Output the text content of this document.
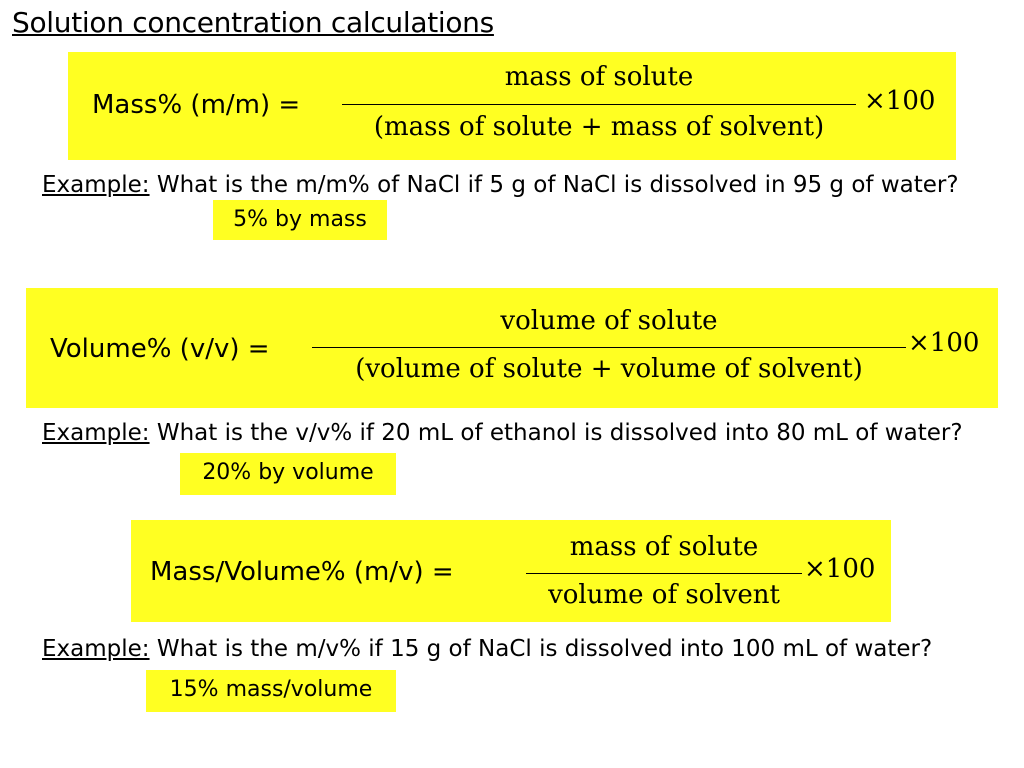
Solution concentration calculations
Mass% (m/m) =
mass of solute
(mass of solute + mass of solvent)
×100
Example: What is the m/m% of NaCl if 5 g of NaCl is dissolved in 95 g of water?
5% by mass
Volume% (v/v) =
volume of solute
(volume of solute + volume of solvent)
×100
Example: What is the v/v% if 20 mL of ethanol is dissolved into 80 mL of water?
20% by volume
Mass/Volume% (m/v) =
mass of solute
volume of solvent
×100
Example: What is the m/v% if 15 g of NaCl is dissolved into 100 mL of water?
15% mass/volume
